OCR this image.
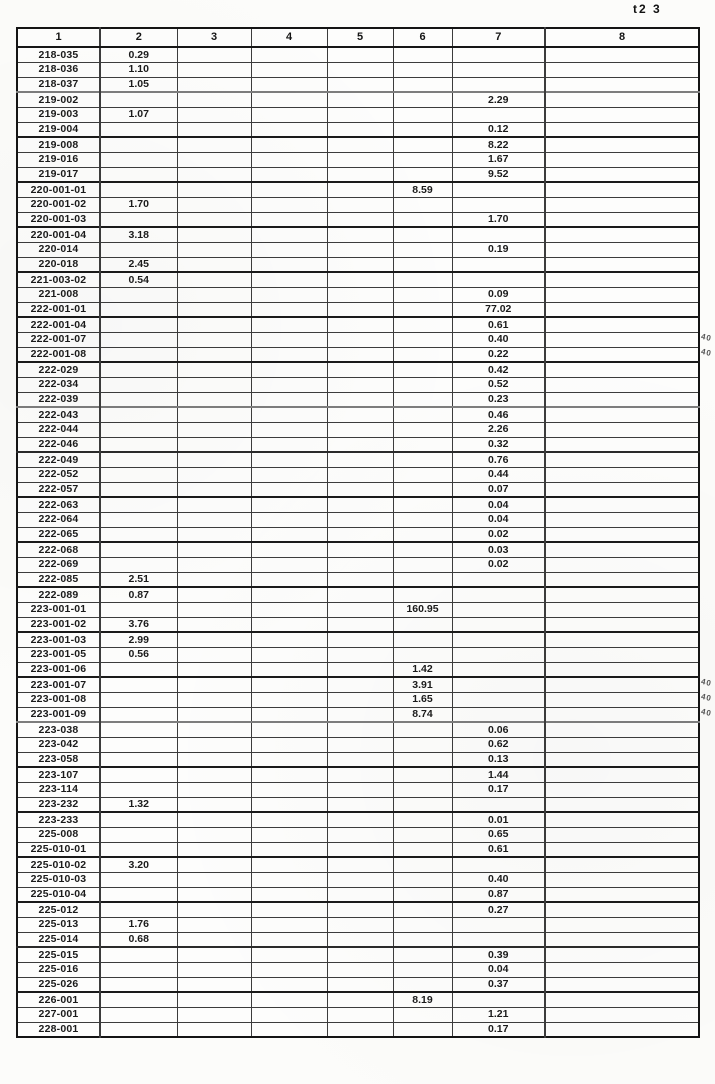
t2 3
1	2	3	4	5	6	7	8
218-035	0.29						
218-036	1.10						
218-037	1.05						
219-002						2.29	
219-003	1.07						
219-004						0.12	
219-008						8.22	
219-016						1.67	
219-017						9.52	
220-001-01					8.59		
220-001-02	1.70						
220-001-03						1.70	
220-001-04	3.18						
220-014						0.19	
220-018	2.45						
221-003-02	0.54						
221-008						0.09	
222-001-01						77.02	
222-001-04						0.61	
222-001-07						0.40	
222-001-08						0.22	
222-029						0.42	
222-034						0.52	
222-039						0.23	
222-043						0.46	
222-044						2.26	
222-046						0.32	
222-049						0.76	
222-052						0.44	
222-057						0.07	
222-063						0.04	
222-064						0.04	
222-065						0.02	
222-068						0.03	
222-069						0.02	
222-085	2.51						
222-089	0.87						
223-001-01					160.95		
223-001-02	3.76						
223-001-03	2.99						
223-001-05	0.56						
223-001-06					1.42		
223-001-07					3.91		
223-001-08					1.65		
223-001-09					8.74		
223-038						0.06	
223-042						0.62	
223-058						0.13	
223-107						1.44	
223-114						0.17	
223-232	1.32						
223-233						0.01	
225-008						0.65	
225-010-01						0.61	
225-010-02	3.20						
225-010-03						0.40	
225-010-04						0.87	
225-012						0.27	
225-013	1.76						
225-014	0.68						
225-015						0.39	
225-016						0.04	
225-026						0.37	
226-001					8.19		
227-001						1.21	
228-001						0.17	
40
40
40
40
40
